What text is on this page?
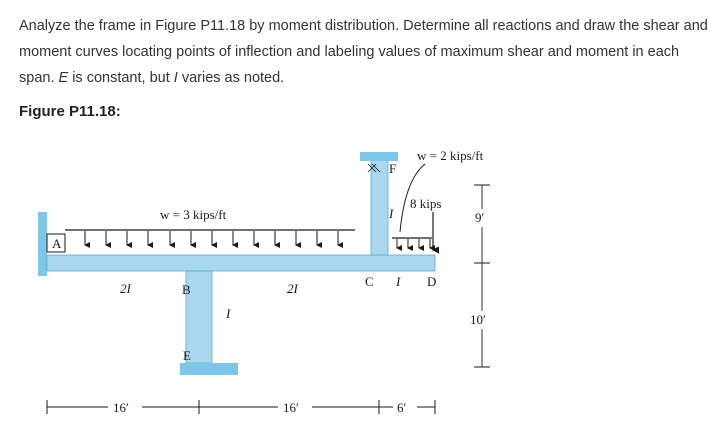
Analyze the frame in Figure P11.18 by moment distribution. Determine all reactions and draw the shear and moment curves locating points of inflection and labeling values of maximum shear and moment in each span. E is constant, but I varies as noted.
Figure P11.18:
A
w = 3 kips/ft
w = 2 kips/ft
8 kips
B
C	D
E
F
2I	2I
I
I
I
16′	16′	6′
9′
10′
